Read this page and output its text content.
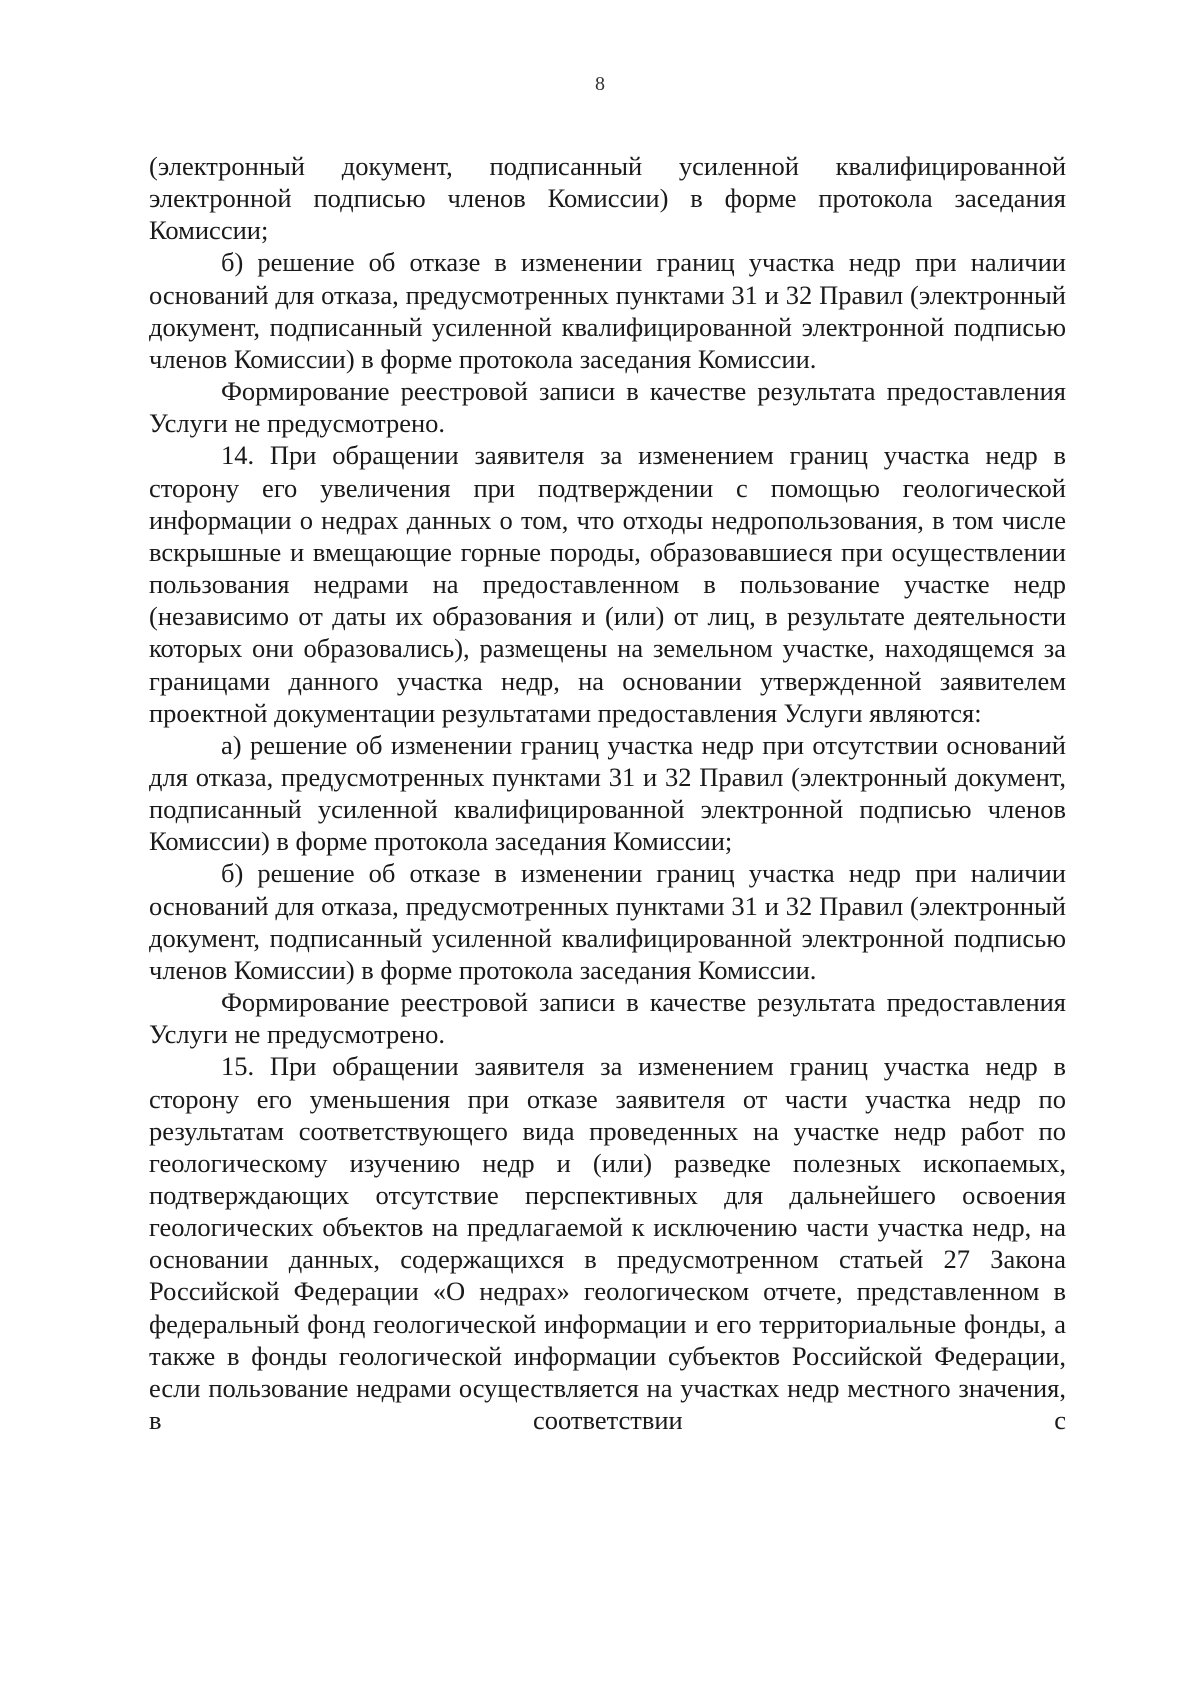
8

(электронный документ, подписанный усиленной квалифицированной электронной подписью членов Комиссии) в форме протокола заседания Комиссии;

б) решение об отказе в изменении границ участка недр при наличии оснований для отказа, предусмотренных пунктами 31 и 32 Правил (электронный документ, подписанный усиленной квалифицированной электронной подписью членов Комиссии) в форме протокола заседания Комиссии.

Формирование реестровой записи в качестве результата предоставления Услуги не предусмотрено.

14. При обращении заявителя за изменением границ участка недр в сторону его увеличения при подтверждении с помощью геологической информации о недрах данных о том, что отходы недропользования, в том числе вскрышные и вмещающие горные породы, образовавшиеся при осуществлении пользования недрами на предоставленном в пользование участке недр (независимо от даты их образования и (или) от лиц, в результате деятельности которых они образовались), размещены на земельном участке, находящемся за границами данного участка недр, на основании утвержденной заявителем проектной документации результатами предоставления Услуги являются:

а) решение об изменении границ участка недр при отсутствии оснований для отказа, предусмотренных пунктами 31 и 32 Правил (электронный документ, подписанный усиленной квалифицированной электронной подписью членов Комиссии) в форме протокола заседания Комиссии;

б) решение об отказе в изменении границ участка недр при наличии оснований для отказа, предусмотренных пунктами 31 и 32 Правил (электронный документ, подписанный усиленной квалифицированной электронной подписью членов Комиссии) в форме протокола заседания Комиссии.

Формирование реестровой записи в качестве результата предоставления Услуги не предусмотрено.

15. При обращении заявителя за изменением границ участка недр в сторону его уменьшения при отказе заявителя от части участка недр по результатам соответствующего вида проведенных на участке недр работ по геологическому изучению недр и (или) разведке полезных ископаемых, подтверждающих отсутствие перспективных для дальнейшего освоения геологических объектов на предлагаемой к исключению части участка недр, на основании данных, содержащихся в предусмотренном статьей 27 Закона Российской Федерации «О недрах» геологическом отчете, представленном в федеральный фонд геологической информации и его территориальные фонды, а также в фонды геологической информации субъектов Российской Федерации, если пользование недрами осуществляется на участках недр местного значения, в соответствии с
